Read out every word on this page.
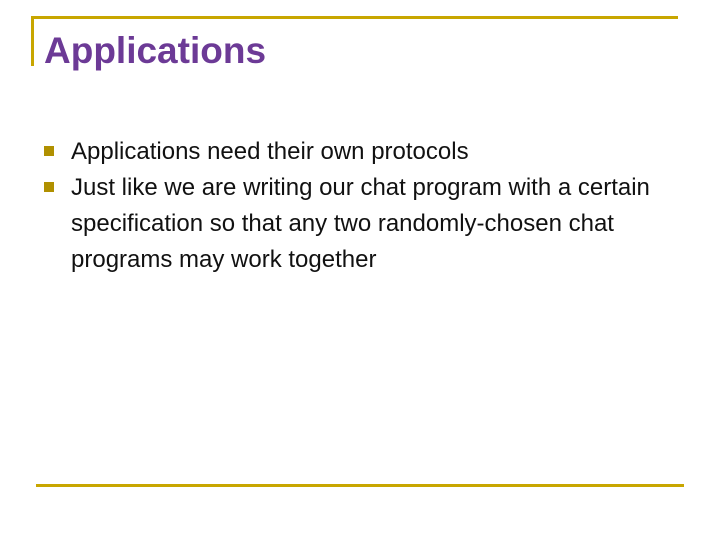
Applications
Applications need their own protocols
Just like we are writing our chat program with a certain specification so that any two randomly-chosen chat programs may work together
